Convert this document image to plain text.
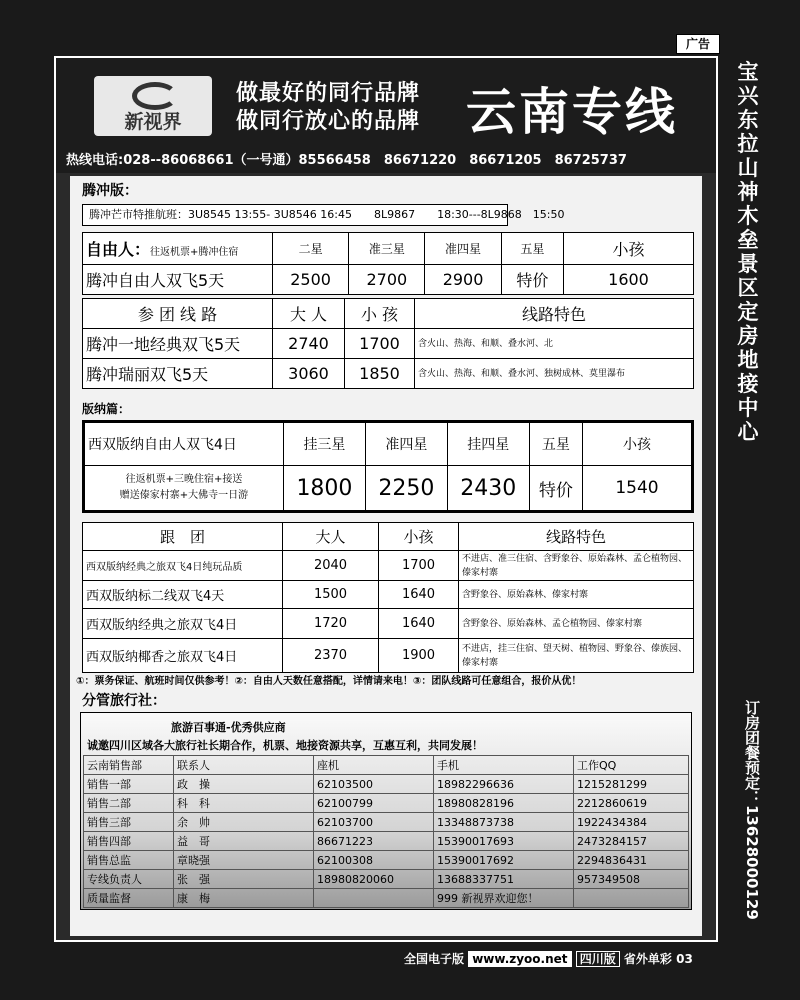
广告
新视界
做最好的同行品牌
做同行放心的品牌 云南专线
热线电话:028--86068661（一号通）85566458　86671220　86671205　86725737
腾冲版：
腾冲芒市特推航班：3U8545 13:55- 3U8546 16:45　　8L9867　　18:30---8L9868　15:50
自由人：往返机票+腾冲住宿	二星	准三星	准四星	五星	小孩
腾冲自由人双飞5天	2500	2700	2900	特价	1600
参 团 线 路	大 人	小 孩	线路特色
腾冲一地经典双飞5天	2740	1700	含火山、热海、和顺、叠水河、北
腾冲瑞丽双飞5天	3060	1850	含火山、热海、和顺、叠水河、独树成林、莫里瀑布
版纳篇：
西双版纳自由人双飞4日	挂三星	准四星	挂四星	五星	小孩

往返机票+三晚住宿+接送
赠送傣家村寨+大佛寺一日游	1800	2250	2430	特价	1540
跟　团	大人	小孩	线路特色
西双版纳经典之旅双飞4日纯玩品质	2040	1700	不进店、准三住宿、含野象谷、原始森林、孟仑植物园、傣家村寨
西双版纳标二线双飞4天	1500	1640	含野象谷、原始森林、傣家村寨
西双版纳经典之旅双飞4日	1720	1640	含野象谷、原始森林、孟仑植物园、傣家村寨
西双版纳椰香之旅双飞4日	2370	1900	不进店，挂三住宿、望天树、植物园、野象谷、傣族园、傣家村寨
①：票务保证、航班时间仅供参考！②：自由人天数任意搭配，详情请来电！③：团队线路可任意组合，报价从优！
分管旅行社：
旅游百事通-优秀供应商
诚邀四川区域各大旅行社长期合作，机票、地接资源共享，互惠互利，共同发展！
云南销售部	联系人	座机	手机	工作QQ
销售一部	政　操	62103500	18982296636	1215281299
销售二部	科　科	62100799	18980828196	2212860619
销售三部	余　帅	62103700	13348873738	1922434384
销售四部	益　哥	86671223	15390017693	2473284157
销售总监	章晓强	62100308	15390017692	2294836431
专线负责人	张　强	18980820060	13688337751	957349508
质量监督	康　梅		999 新视界欢迎您！	
宝兴东拉山神木垒景区定房地接中心
订房团餐预定：13628000129
全国电子版 www.zyoo.net 四川版 省外单彩 03
